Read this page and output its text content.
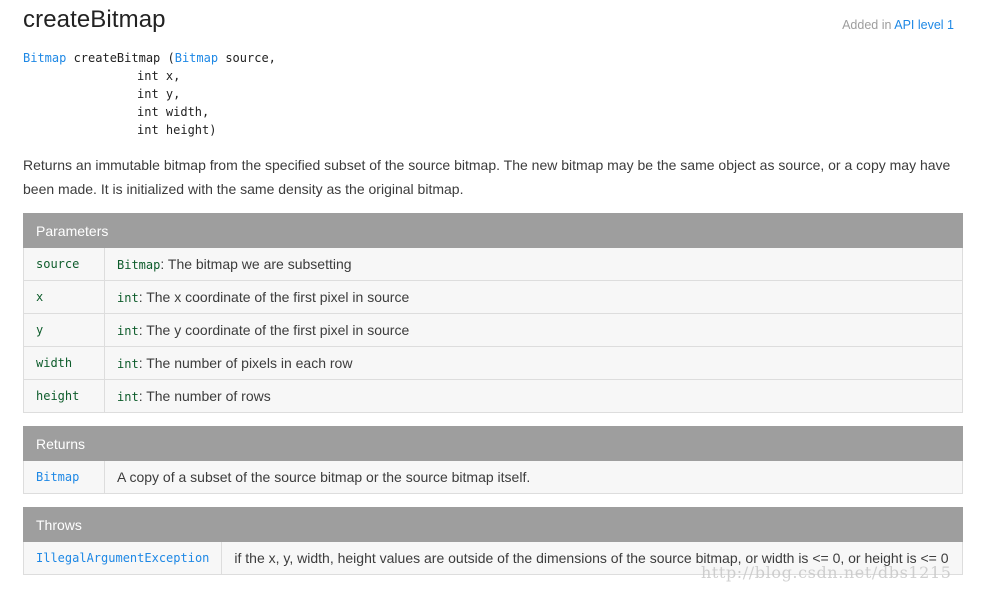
createBitmap	Added in API level 1
Bitmap createBitmap (Bitmap source,
int x,
int y,
int width,
int height)

Returns an immutable bitmap from the specified subset of the source bitmap. The new bitmap may be the same object as source, or a copy may have been made. It is initialized with the same density as the original bitmap.

Parameters	
source	Bitmap: The bitmap we are subsetting
x	int: The x coordinate of the first pixel in source
y	int: The y coordinate of the first pixel in source
width	int: The number of pixels in each row
height	int: The number of rows
Returns
Bitmap	A copy of a subset of the source bitmap or the source bitmap itself.
Throws
IllegalArgumentException	if the x, y, width, height values are outside of the dimensions of the source bitmap, or width is <= 0, or height is <= 0
http://blog.csdn.net/dbs1215
